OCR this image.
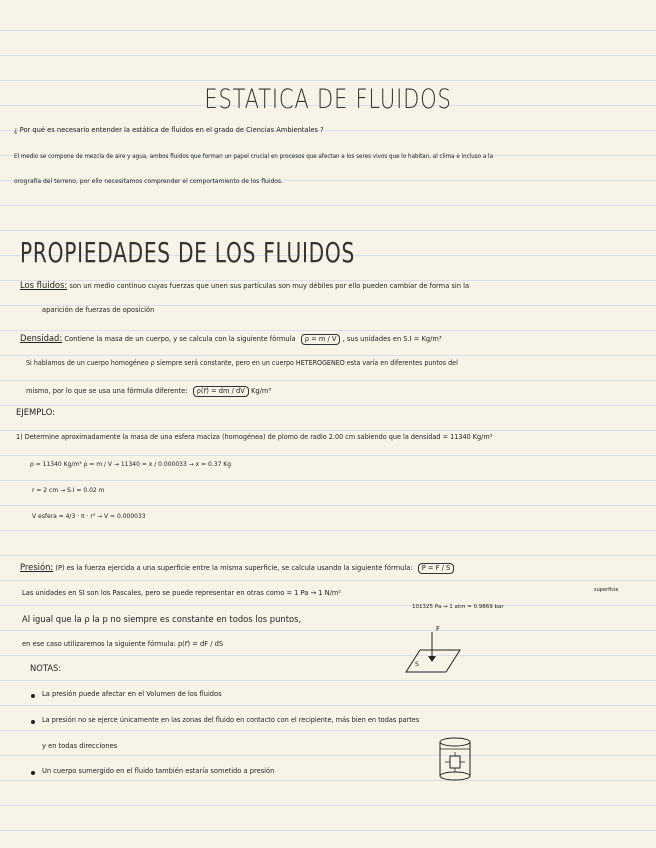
ESTATICA DE FLUIDOS
¿ Por qué es necesario entender la estática de fluidos en el grado de Ciencias Ambientales ?
El medio se compone de mezcla de aire y agua, ambos fluidos que forman un papel crucial en procesos que afectan a los seres vivos que lo habitan, al clima e incluso a la
orografía del terreno, por ello necesitamos comprender el comportamiento de los fluidos.
PROPIEDADES DE LOS FLUIDOS
Los fluidos: son un medio continuo cuyas fuerzas que unen sus partículas son muy débiles por ello pueden cambiar de forma sin la
aparición de fuerzas de oposición
Densidad: Contiene la masa de un cuerpo, y se calcula con la siguiente fórmula ρ = m / V , sus unidades en S.I = Kg/m³
Si hablamos de un cuerpo homogéneo ρ siempre será constante, pero en un cuerpo HETEROGENEO esta varía en diferentes puntos del
mismo, por lo que se usa una fórmula diferente: ρ(r⃗) = dm / dV Kg/m³
EJEMPLO:
1) Determine aproximadamente la masa de una esfera maciza (homogénea) de plomo de radio 2.00 cm sabiendo que la densidad = 11340 Kg/m³
ρ = 11340 Kg/m³ ρ = m / V → 11340 = x / 0.000033 → x = 0.37 Kg
r = 2 cm → S.I = 0.02 m
V esfera = 4/3 · π · r³ → V = 0.000033
Presión: (P) es la fuerza ejercida a una superficie entre la misma superficie, se calcula usando la siguiente fórmula: P = F / S
superficie
Las unidades en SI son los Pascales, pero se puede representar en otras como = 1 Pa → 1 N/m²
101325 Pa → 1 atm = 0.9869 bar
Al igual que la ρ la p no siempre es constante en todos los puntos,
en ese caso utilizaremos la siguiente fórmula: p(r⃗) = dF / dS
F
S
NOTAS:
La presión puede afectar en el Volumen de los fluidos
La presión no se ejerce únicamente en las zonas del fluido en contacto con el recipiente, más bien en todas partes
y en todas direcciones
Un cuerpo sumergido en el fluido también estaría sometido a presión
